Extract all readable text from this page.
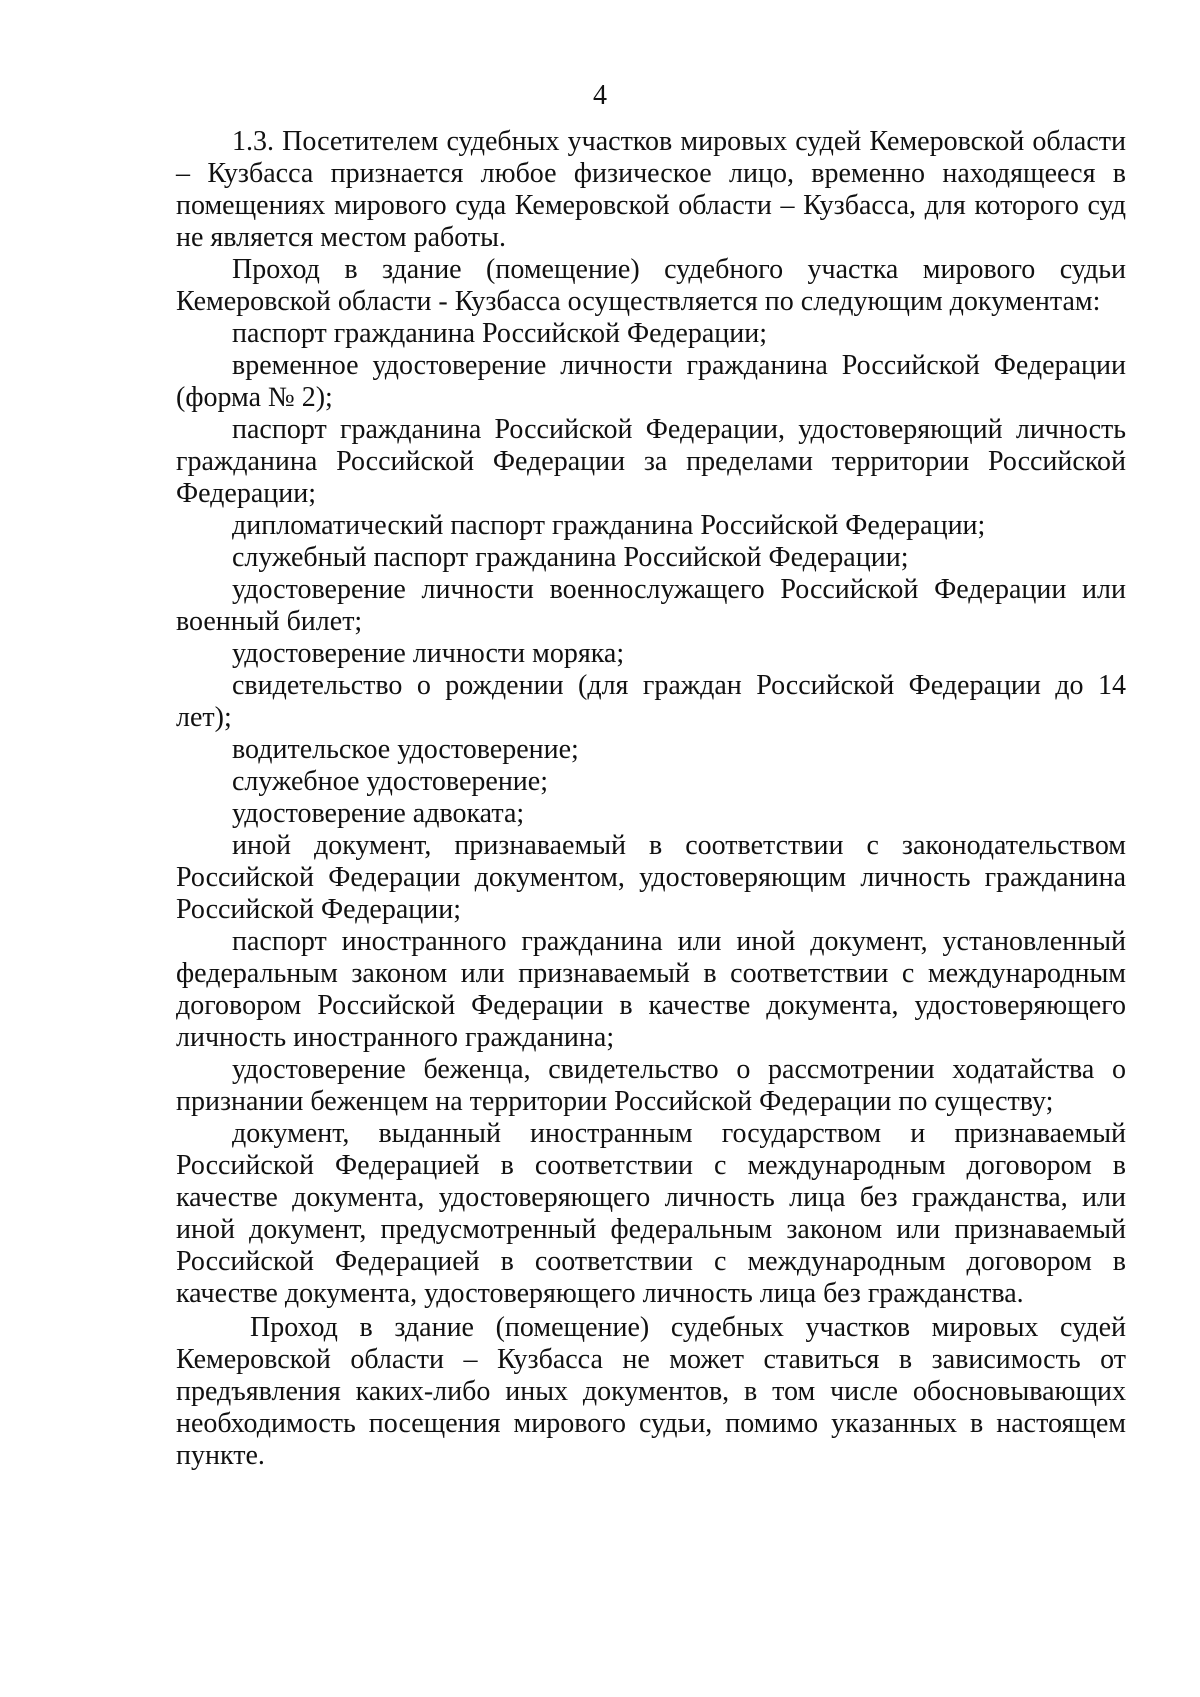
4

1.3. Посетителем судебных участков мировых судей Кемеровской области – Кузбасса признается любое физическое лицо, временно находящееся в помещениях мирового суда Кемеровской области – Кузбасса, для которого суд не является местом работы.

Проход в здание (помещение) судебного участка мирового судьи Кемеровской области - Кузбасса осуществляется по следующим документам:

паспорт гражданина Российской Федерации;

временное удостоверение личности гражданина Российской Федерации (форма № 2);

паспорт гражданина Российской Федерации, удостоверяющий личность гражданина Российской Федерации за пределами территории Российской Федерации;

дипломатический паспорт гражданина Российской Федерации;

служебный паспорт гражданина Российской Федерации;

удостоверение личности военнослужащего Российской Федерации или военный билет;

удостоверение личности моряка;

свидетельство о рождении (для граждан Российской Федерации до 14 лет);

водительское удостоверение;

служебное удостоверение;

удостоверение адвоката;

иной документ, признаваемый в соответствии с законодательством Российской Федерации документом, удостоверяющим личность гражданина Российской Федерации;

паспорт иностранного гражданина или иной документ, установленный федеральным законом или признаваемый в соответствии с международным договором Российской Федерации в качестве документа, удостоверяющего личность иностранного гражданина;

удостоверение беженца, свидетельство о рассмотрении ходатайства о признании беженцем на территории Российской Федерации по существу;

документ, выданный иностранным государством и признаваемый Российской Федерацией в соответствии с международным договором в качестве документа, удостоверяющего личность лица без гражданства, или иной документ, предусмотренный федеральным законом или признаваемый Российской Федерацией в соответствии с международным договором в качестве документа, удостоверяющего личность лица без гражданства.

Проход в здание (помещение) судебных участков мировых судей Кемеровской области – Кузбасса не может ставиться в зависимость от предъявления каких-либо иных документов, в том числе обосновывающих необходимость посещения мирового судьи, помимо указанных в настоящем пункте.
